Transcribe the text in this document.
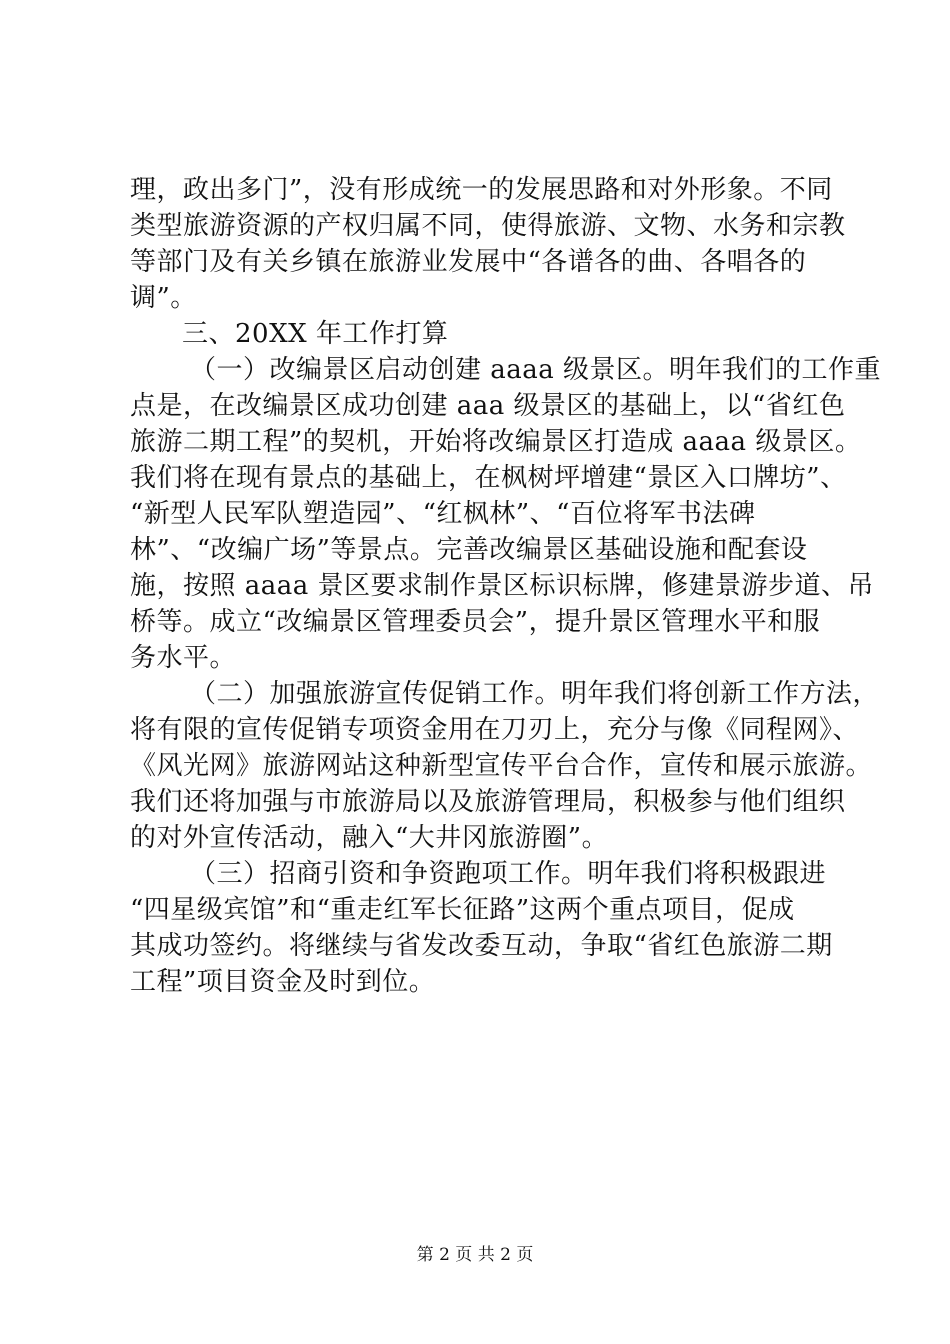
理，政出多门”，没有形成统一的发展思路和对外形象。不同
类型旅游资源的产权归属不同，使得旅游、文物、水务和宗教
等部门及有关乡镇在旅游业发展中“各谱各的曲、各唱各的
调”。
三、20XX 年工作打算
（一）改编景区启动创建 aaaa 级景区。明年我们的工作重
点是，在改编景区成功创建 aaa 级景区的基础上，以“省红色
旅游二期工程”的契机，开始将改编景区打造成 aaaa 级景区。
我们将在现有景点的基础上，在枫树坪增建“景区入口牌坊”、
“新型人民军队塑造园”、“红枫林”、“百位将军书法碑
林”、“改编广场”等景点。完善改编景区基础设施和配套设
施，按照 aaaa 景区要求制作景区标识标牌，修建景游步道、吊
桥等。成立“改编景区管理委员会”，提升景区管理水平和服
务水平。
（二）加强旅游宣传促销工作。明年我们将创新工作方法，
将有限的宣传促销专项资金用在刀刃上，充分与像《同程网》、
《风光网》旅游网站这种新型宣传平台合作，宣传和展示旅游。
我们还将加强与市旅游局以及旅游管理局，积极参与他们组织
的对外宣传活动，融入“大井冈旅游圈”。
（三）招商引资和争资跑项工作。明年我们将积极跟进
“四星级宾馆”和“重走红军长征路”这两个重点项目，促成
其成功签约。将继续与省发改委互动，争取“省红色旅游二期
工程”项目资金及时到位。
第 2 页 共 2 页
